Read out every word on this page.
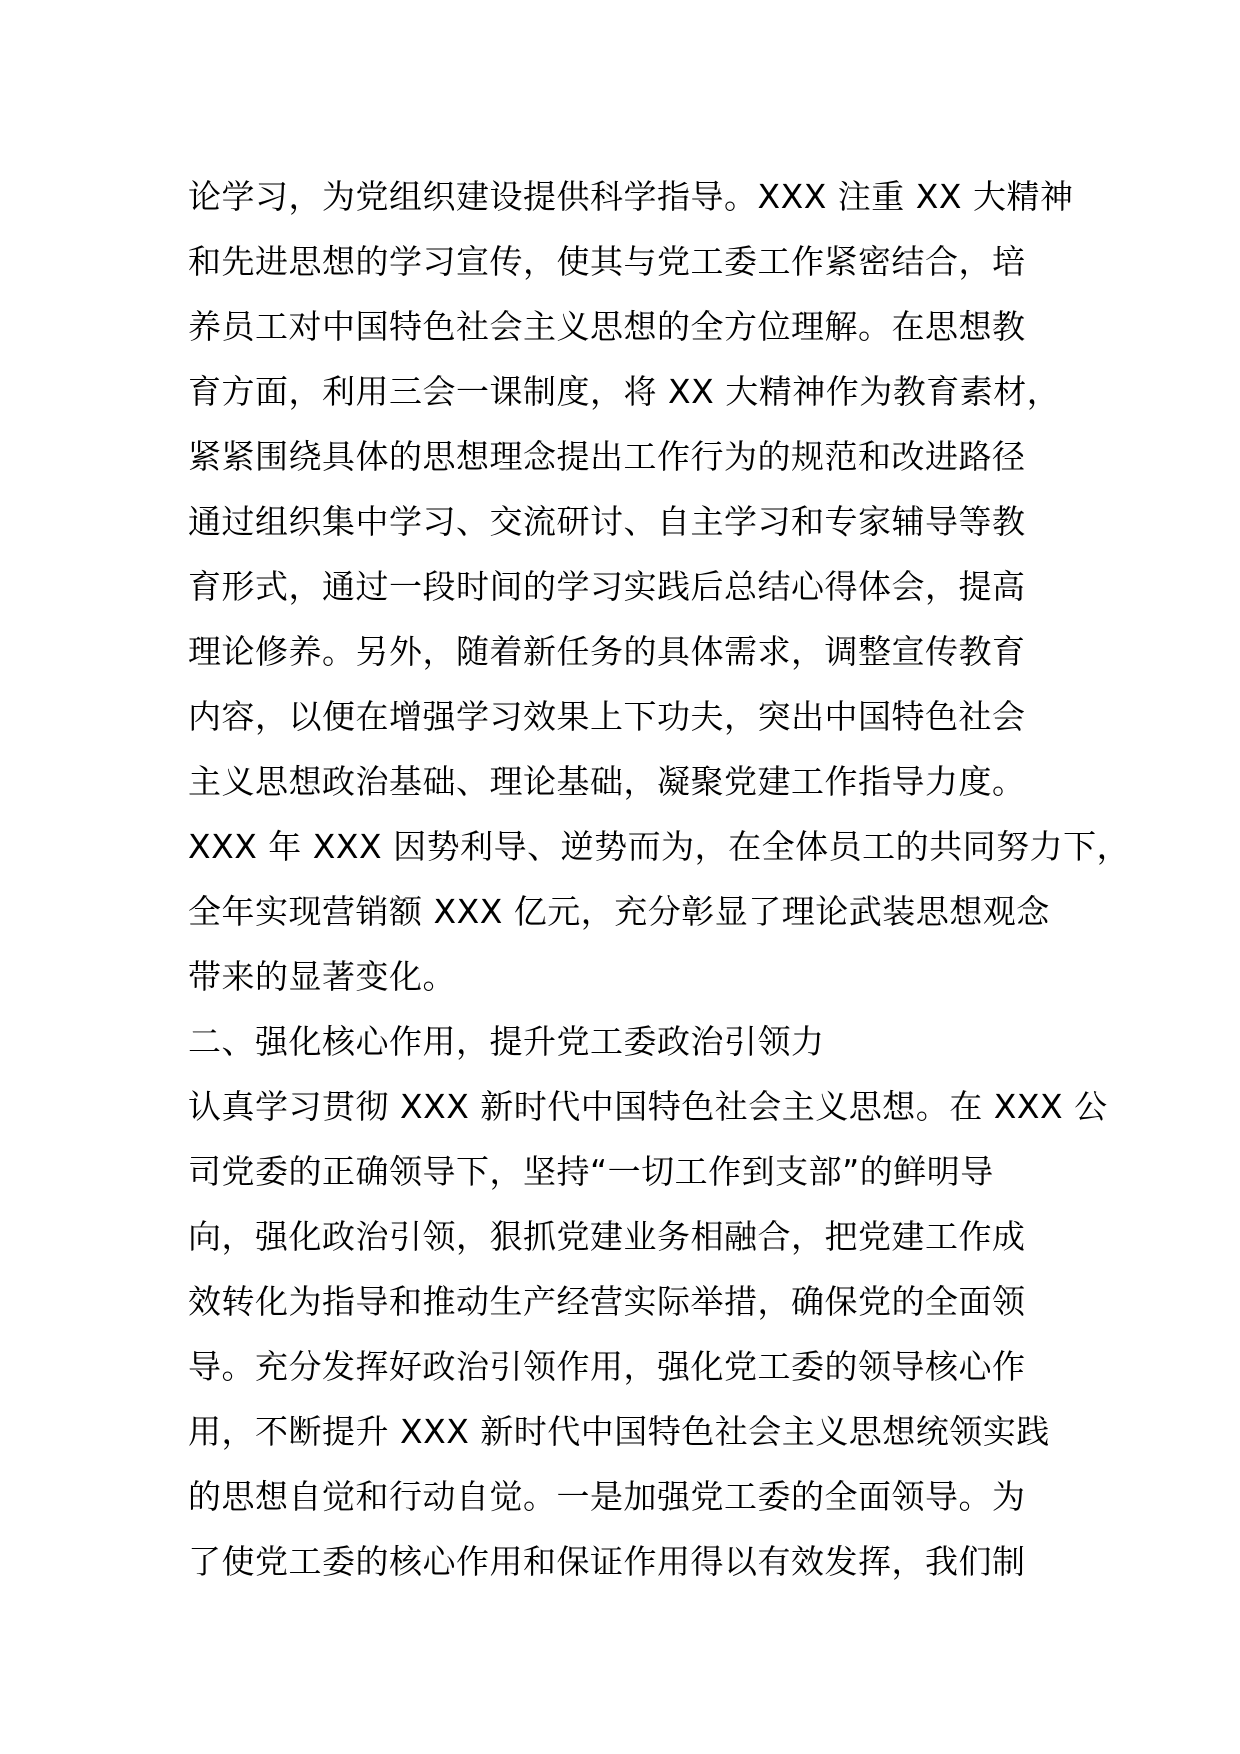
论学习，为党组织建设提供科学指导。XXX 注重 XX 大精神
和先进思想的学习宣传，使其与党工委工作紧密结合，培
养员工对中国特色社会主义思想的全方位理解。在思想教
育方面，利用三会一课制度，将 XX 大精神作为教育素材，
紧紧围绕具体的思想理念提出工作行为的规范和改进路径
通过组织集中学习、交流研讨、自主学习和专家辅导等教
育形式，通过一段时间的学习实践后总结心得体会，提高
理论修养。另外，随着新任务的具体需求，调整宣传教育
内容，以便在增强学习效果上下功夫，突出中国特色社会
主义思想政治基础、理论基础，凝聚党建工作指导力度。
XXX 年 XXX 因势利导、逆势而为，在全体员工的共同努力下，
全年实现营销额 XXX 亿元，充分彰显了理论武装思想观念
带来的显著变化。
二、强化核心作用，提升党工委政治引领力
认真学习贯彻 XXX 新时代中国特色社会主义思想。在 XXX 公
司党委的正确领导下，坚持“一切工作到支部”的鲜明导
向，强化政治引领，狠抓党建业务相融合，把党建工作成
效转化为指导和推动生产经营实际举措，确保党的全面领
导。充分发挥好政治引领作用，强化党工委的领导核心作
用，不断提升 XXX 新时代中国特色社会主义思想统领实践
的思想自觉和行动自觉。一是加强党工委的全面领导。为
了使党工委的核心作用和保证作用得以有效发挥，我们制
